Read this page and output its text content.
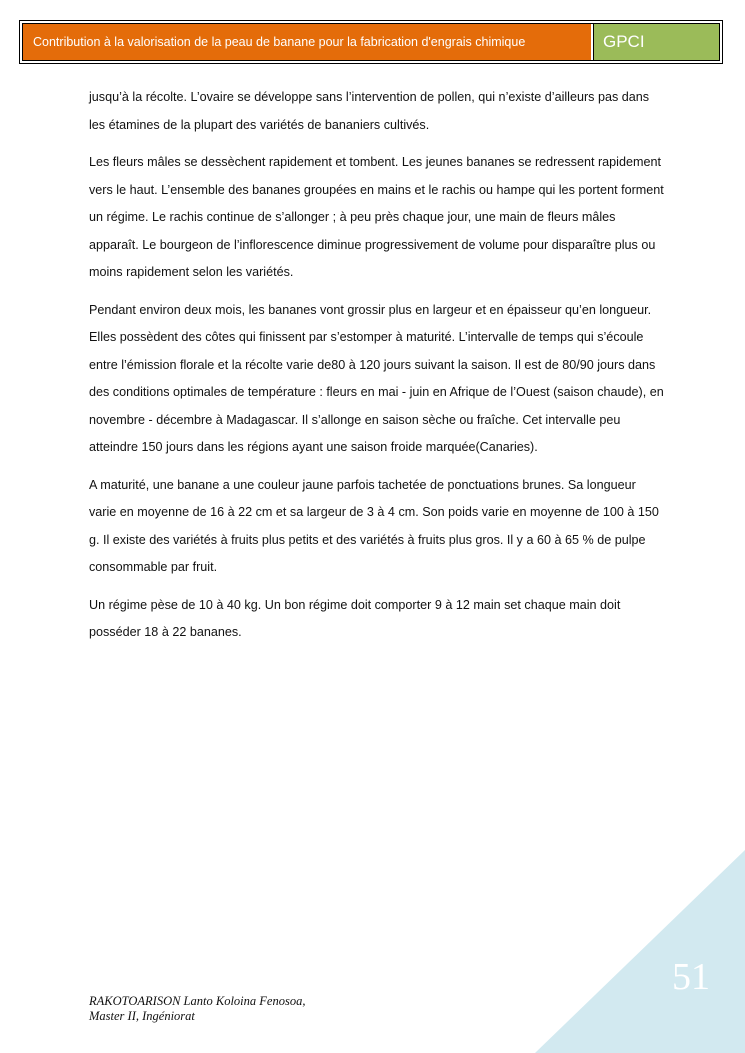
Contribution à la valorisation de la peau de banane pour la fabrication d'engrais chimique	GPCI

jusqu’à la récolte. L’ovaire se développe sans l’intervention de pollen, qui n’existe d’ailleurs pas dans les étamines de la plupart des variétés de bananiers cultivés.

Les fleurs mâles se dessèchent rapidement et tombent. Les jeunes bananes se redressent rapidement vers le haut. L’ensemble des bananes groupées en mains et le rachis ou hampe qui les portent forment un régime. Le rachis continue de s’allonger ; à peu près chaque jour, une main de fleurs mâles apparaît. Le bourgeon de l’inflorescence diminue progressivement de volume pour disparaître plus ou moins rapidement selon les variétés.

Pendant environ deux mois, les bananes vont grossir plus en largeur et en épaisseur qu’en longueur. Elles possèdent des côtes qui finissent par s’estomper à maturité. L’intervalle de temps qui s’écoule entre l’émission florale et la récolte varie de80 à 120 jours suivant la saison. Il est de 80/90 jours dans des conditions optimales de température : fleurs en mai - juin en Afrique de l’Ouest (saison chaude), en novembre - décembre à Madagascar. Il s’allonge en saison sèche ou fraîche. Cet intervalle peu atteindre 150 jours dans les régions ayant une saison froide marquée(Canaries).

A maturité, une banane a une couleur jaune parfois tachetée de ponctuations brunes. Sa longueur varie en moyenne de 16 à 22 cm et sa largeur de 3 à 4 cm. Son poids varie en moyenne de 100 à 150 g. Il existe des variétés à fruits plus petits et des variétés à fruits plus gros. Il y a 60 à 65 % de pulpe consommable par fruit.

Un régime pèse de 10 à 40 kg. Un bon régime doit comporter 9 à 12 main set chaque main doit posséder 18 à 22 bananes.

51
RAKOTOARISON Lanto Koloina Fenosoa,
Master II, Ingéniorat
